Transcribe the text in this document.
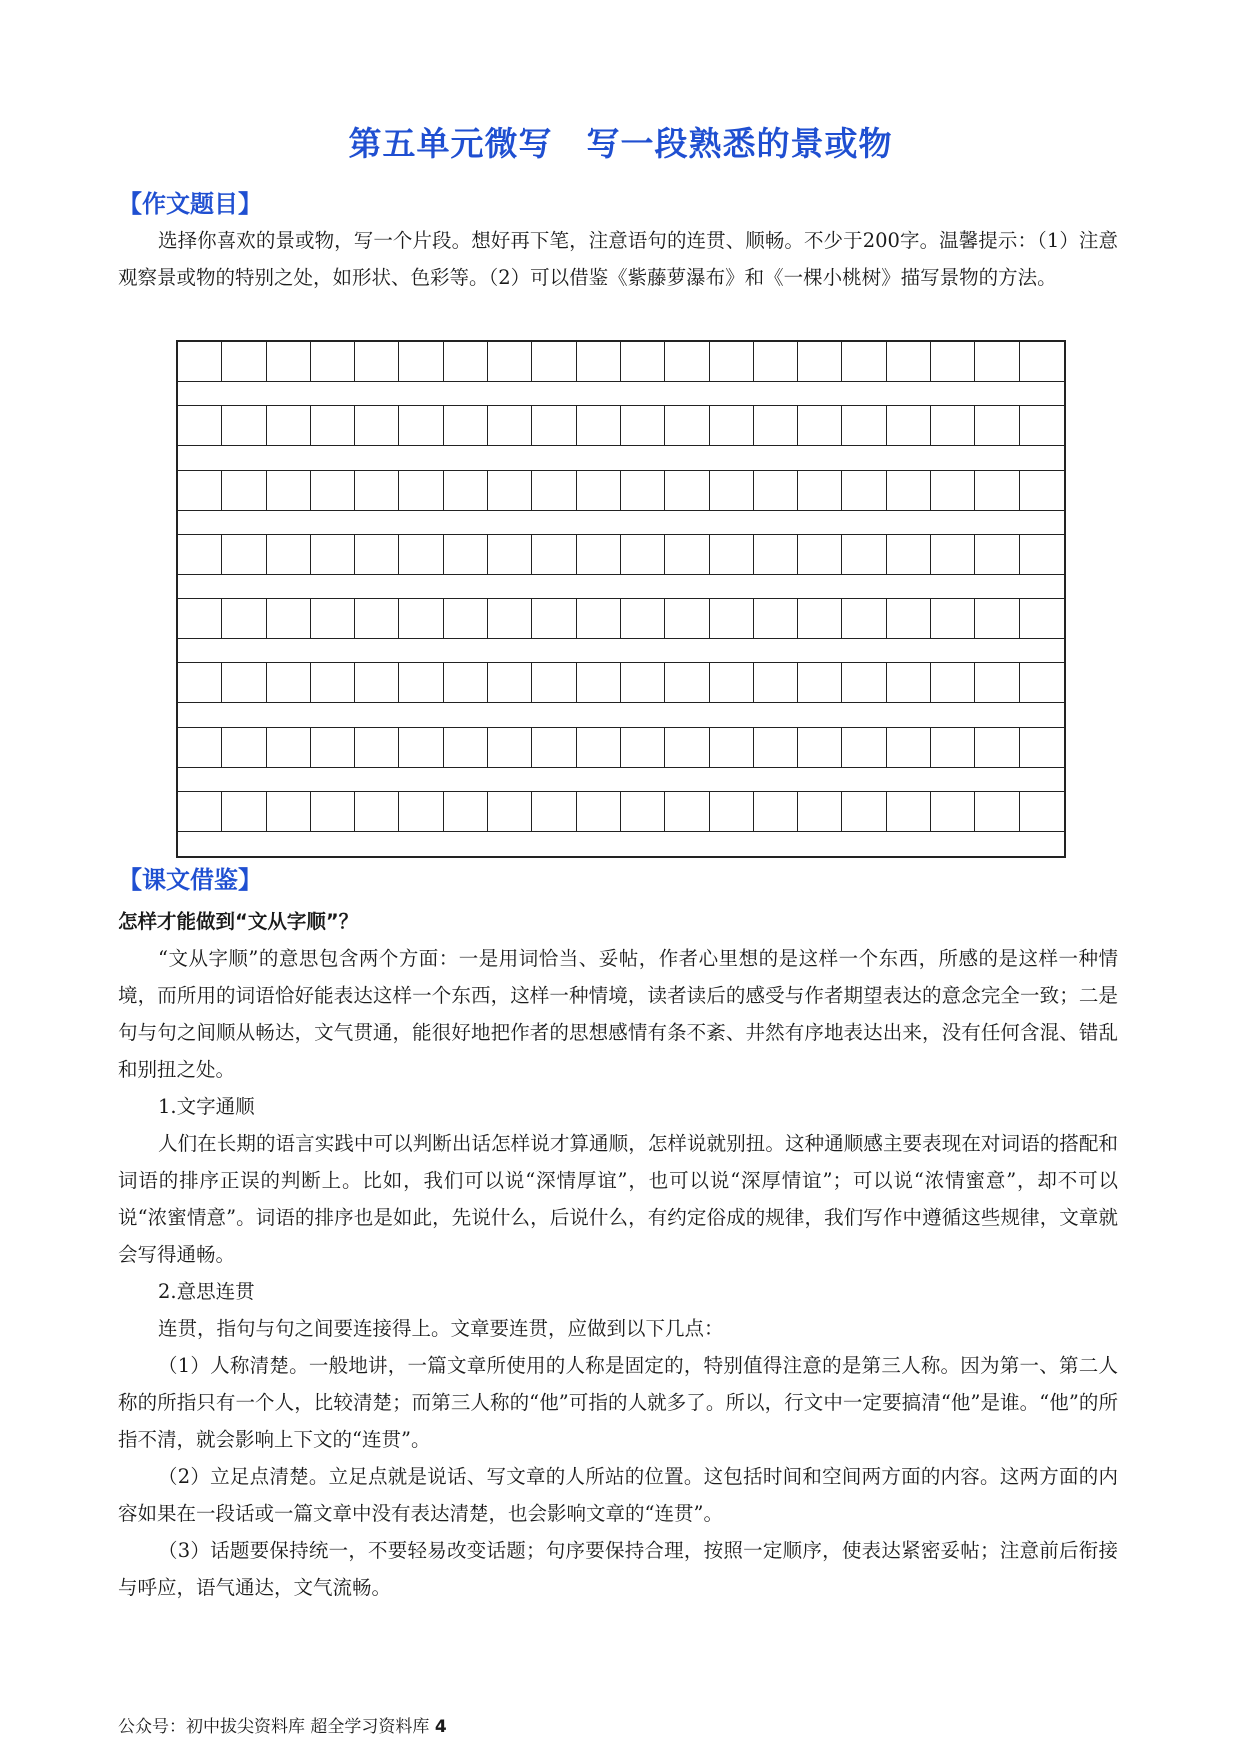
第五单元微写　写一段熟悉的景或物
【作文题目】
选择你喜欢的景或物，写一个片段。想好再下笔，注意语句的连贯、顺畅。不少于200字。温馨提示：（1）注意观察景或物的特别之处，如形状、色彩等。（2）可以借鉴《紫藤萝瀑布》和《一棵小桃树》描写景物的方法。
【课文借鉴】
怎样才能做到“文从字顺”？
“文从字顺”的意思包含两个方面：一是用词恰当、妥帖，作者心里想的是这样一个东西，所感的是这样一种情境，而所用的词语恰好能表达这样一个东西，这样一种情境，读者读后的感受与作者期望表达的意念完全一致；二是句与句之间顺从畅达，文气贯通，能很好地把作者的思想感情有条不紊、井然有序地表达出来，没有任何含混、错乱和别扭之处。
1.文字通顺
人们在长期的语言实践中可以判断出话怎样说才算通顺，怎样说就别扭。这种通顺感主要表现在对词语的搭配和词语的排序正误的判断上。比如，我们可以说“深情厚谊”，也可以说“深厚情谊”；可以说“浓情蜜意”，却不可以说“浓蜜情意”。词语的排序也是如此，先说什么，后说什么，有约定俗成的规律，我们写作中遵循这些规律，文章就会写得通畅。
2.意思连贯
连贯，指句与句之间要连接得上。文章要连贯，应做到以下几点：
（1）人称清楚。一般地讲，一篇文章所使用的人称是固定的，特别值得注意的是第三人称。因为第一、第二人称的所指只有一个人，比较清楚；而第三人称的“他”可指的人就多了。所以，行文中一定要搞清“他”是谁。“他”的所指不清，就会影响上下文的“连贯”。
（2）立足点清楚。立足点就是说话、写文章的人所站的位置。这包括时间和空间两方面的内容。这两方面的内容如果在一段话或一篇文章中没有表达清楚，也会影响文章的“连贯”。
（3）话题要保持统一，不要轻易改变话题；句序要保持合理，按照一定顺序，使表达紧密妥帖；注意前后衔接与呼应，语气通达，文气流畅。
公众号：初中拔尖资料库 超全学习资料库 4
